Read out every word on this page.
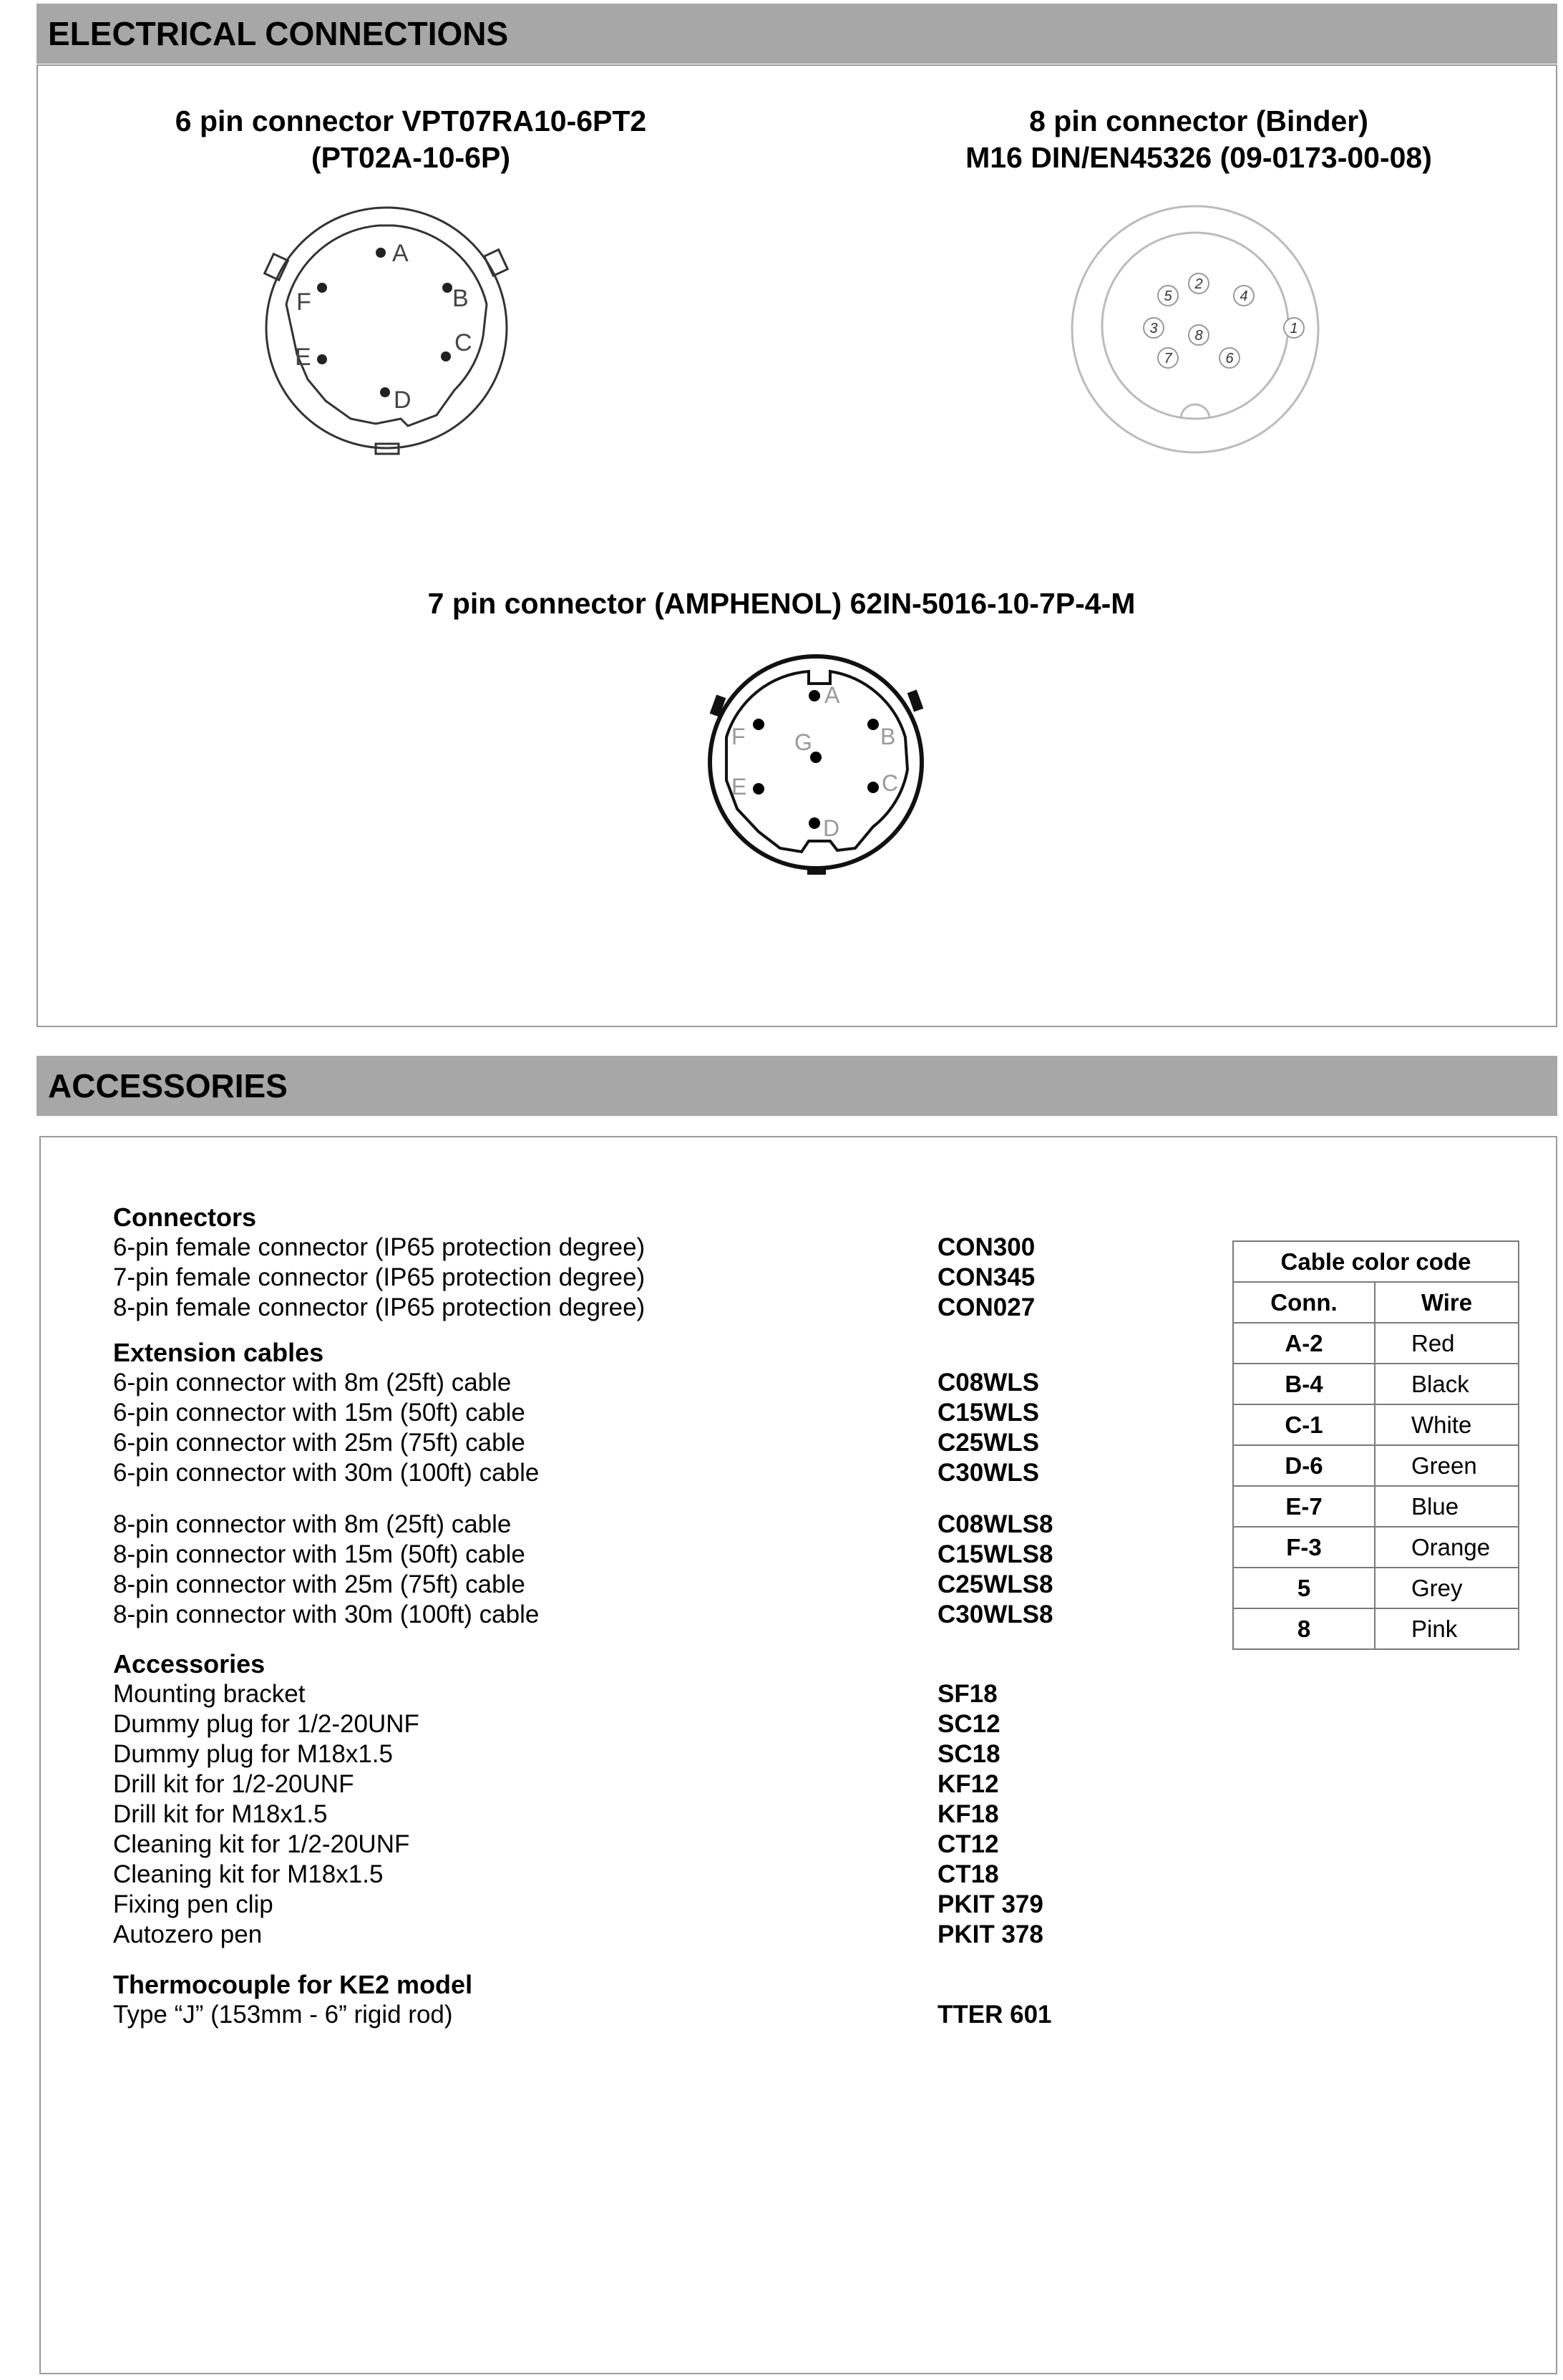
ELECTRICAL CONNECTIONS
6 pin connector VPT07RA10-6PT2
(PT02A-10-6P)
8 pin connector (Binder)
M16 DIN/EN45326 (09-0173-00-08)
7 pin connector (AMPHENOL) 62IN-5016-10-7P-4-M
A
B
C
D
E
F
1
2
3
4
5
6
7
8
A
B
C
D
E
F G
ACCESSORIES
Connectors
6-pin female connector (IP65 protection degree)	CON300
7-pin female connector (IP65 protection degree)	CON345
8-pin female connector (IP65 protection degree)	CON027
Extension cables
6-pin connector with 8m (25ft) cable	C08WLS
6-pin connector with 15m (50ft) cable	C15WLS
6-pin connector with 25m (75ft) cable	C25WLS
6-pin connector with 30m (100ft) cable	C30WLS
8-pin connector with 8m (25ft) cable	C08WLS8
8-pin connector with 15m (50ft) cable	C15WLS8
8-pin connector with 25m (75ft) cable	C25WLS8
8-pin connector with 30m (100ft) cable	C30WLS8
Accessories
Mounting bracket	SF18
Dummy plug for 1/2-20UNF	SC12
Dummy plug for M18x1.5	SC18
Drill kit for 1/2-20UNF	KF12
Drill kit for M18x1.5	KF18
Cleaning kit for 1/2-20UNF	CT12
Cleaning kit for M18x1.5	CT18
Fixing pen clip	PKIT 379
Autozero pen	PKIT 378
Thermocouple for KE2 model
Type “J” (153mm - 6” rigid rod)	TTER 601
Cable color code	
Conn.	Wire
A-2	Red
B-4	Black
C-1	White
D-6	Green
E-7	Blue
F-3	Orange
5	Grey
8	Pink
